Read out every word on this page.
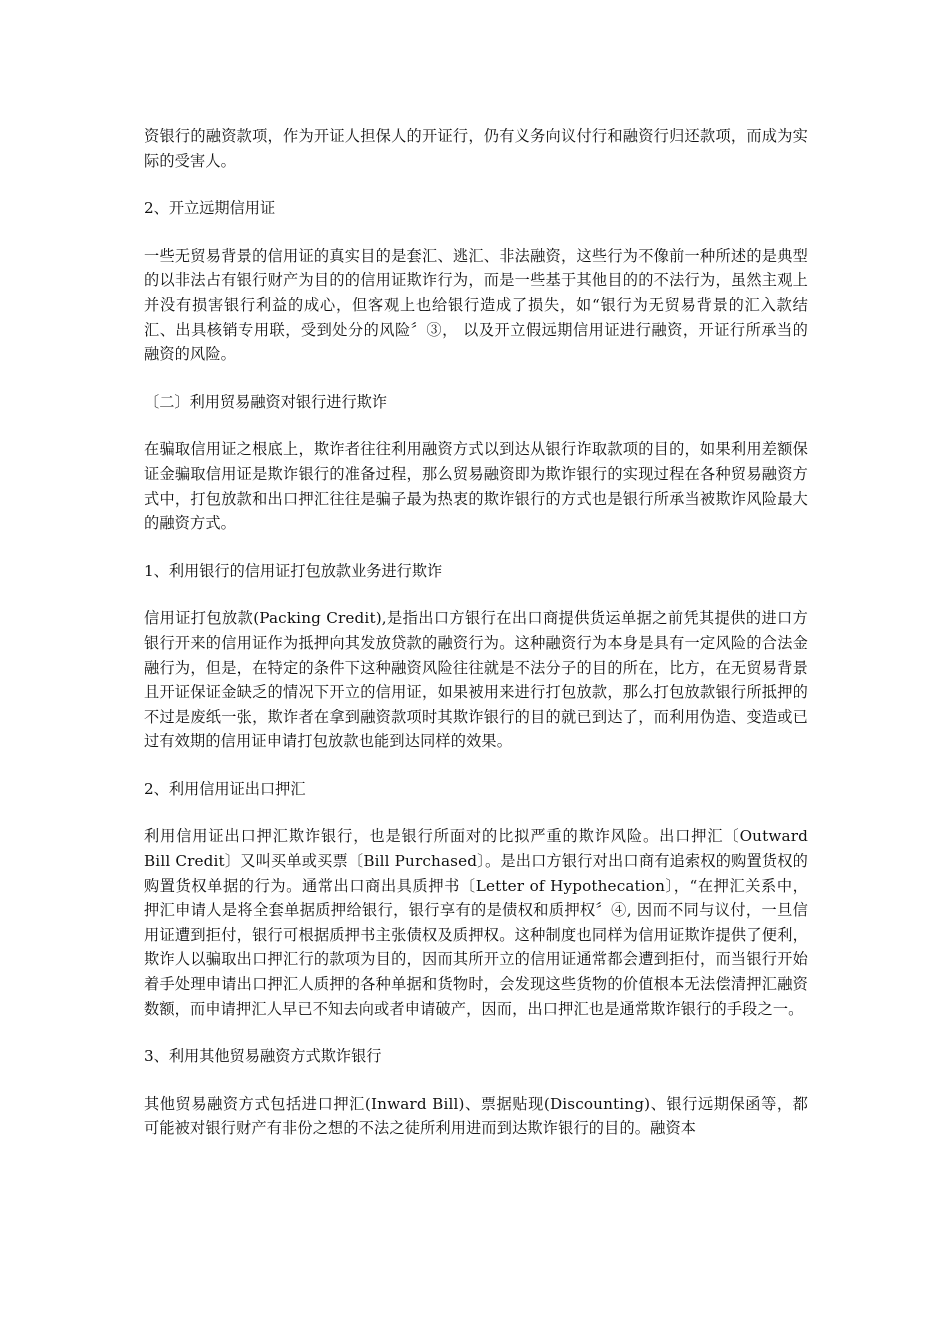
资银行的融资款项，作为开证人担保人的开证行，仍有义务向议付行和融资行归还款项，而成为实际的受害人。

2、开立远期信用证

一些无贸易背景的信用证的真实目的是套汇、逃汇、非法融资，这些行为不像前一种所述的是典型的以非法占有银行财产为目的的信用证欺诈行为，而是一些基于其他目的的不法行为，虽然主观上并没有损害银行利益的成心，但客观上也给银行造成了损失，如“银行为无贸易背景的汇入款结汇、出具核销专用联，受到处分的风险〞③， 以及开立假远期信用证进行融资，开证行所承当的融资的风险。

〔二〕利用贸易融资对银行进行欺诈

在骗取信用证之根底上，欺诈者往往利用融资方式以到达从银行诈取款项的目的，如果利用差额保证金骗取信用证是欺诈银行的准备过程，那么贸易融资即为欺诈银行的实现过程在各种贸易融资方式中，打包放款和出口押汇往往是骗子最为热衷的欺诈银行的方式也是银行所承当被欺诈风险最大的融资方式。

1、利用银行的信用证打包放款业务进行欺诈

信用证打包放款(Packing Credit),是指出口方银行在出口商提供货运单据之前凭其提供的进口方银行开来的信用证作为抵押向其发放贷款的融资行为。这种融资行为本身是具有一定风险的合法金融行为，但是，在特定的条件下这种融资风险往往就是不法分子的目的所在，比方，在无贸易背景且开证保证金缺乏的情况下开立的信用证，如果被用来进行打包放款，那么打包放款银行所抵押的不过是废纸一张，欺诈者在拿到融资款项时其欺诈银行的目的就已到达了，而利用伪造、变造或已过有效期的信用证申请打包放款也能到达同样的效果。

2、利用信用证出口押汇

利用信用证出口押汇欺诈银行，也是银行所面对的比拟严重的欺诈风险。出口押汇〔Outward Bill Credit〕又叫买单或买票〔Bill Purchased〕。是出口方银行对出口商有追索权的购置货权的购置货权单据的行为。通常出口商出具质押书〔Letter of Hypothecation〕，“在押汇关系中，押汇申请人是将全套单据质押给银行，银行享有的是债权和质押权〞④, 因而不同与议付，一旦信用证遭到拒付，银行可根据质押书主张债权及质押权。这种制度也同样为信用证欺诈提供了便利，欺诈人以骗取出口押汇行的款项为目的，因而其所开立的信用证通常都会遭到拒付，而当银行开始着手处理申请出口押汇人质押的各种单据和货物时，会发现这些货物的价值根本无法偿清押汇融资数额，而申请押汇人早已不知去向或者申请破产，因而，出口押汇也是通常欺诈银行的手段之一。

3、利用其他贸易融资方式欺诈银行

其他贸易融资方式包括进口押汇(Inward Bill)、票据贴现(Discounting)、银行远期保函等，都可能被对银行财产有非份之想的不法之徒所利用进而到达欺诈银行的目的。融资本
